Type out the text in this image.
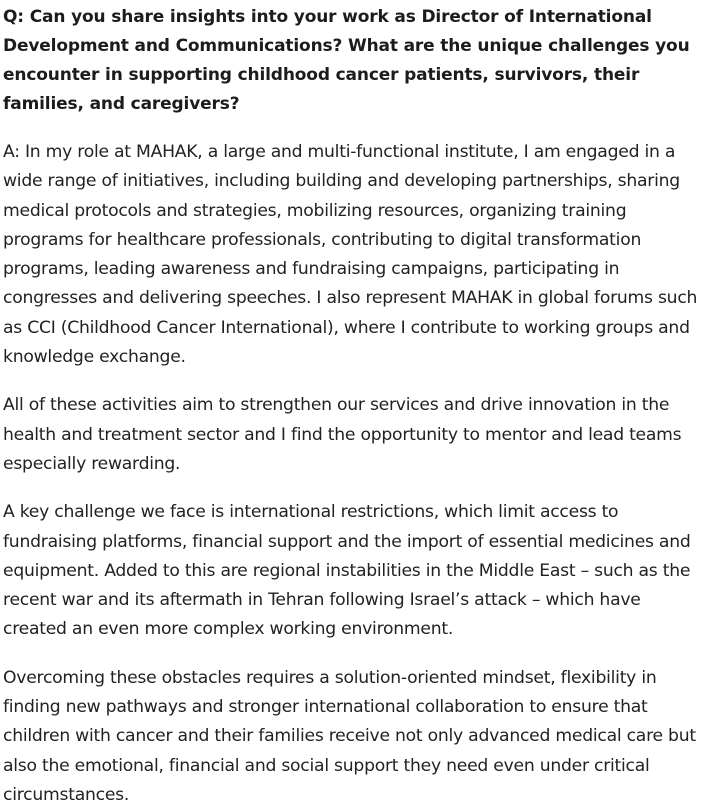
Q: Can you share insights into your work as Director of International Development and Communications? What are the unique challenges you encounter in supporting childhood cancer patients, survivors, their families, and caregivers?

A: In my role at MAHAK, a large and multi-functional institute, I am engaged in a wide range of initiatives, including building and developing partnerships, sharing medical protocols and strategies, mobilizing resources, organizing training programs for healthcare professionals, contributing to digital transformation programs, leading awareness and fundraising campaigns, participating in congresses and delivering speeches. I also represent MAHAK in global forums such as CCI (Childhood Cancer International), where I contribute to working groups and knowledge exchange.

All of these activities aim to strengthen our services and drive innovation in the health and treatment sector and I find the opportunity to mentor and lead teams especially rewarding.

A key challenge we face is international restrictions, which limit access to fundraising platforms, financial support and the import of essential medicines and equipment. Added to this are regional instabilities in the Middle East – such as the recent war and its aftermath in Tehran following Israel’s attack – which have created an even more complex working environment.

Overcoming these obstacles requires a solution-oriented mindset, flexibility in finding new pathways and stronger international collaboration to ensure that children with cancer and their families receive not only advanced medical care but also the emotional, financial and social support they need even under critical circumstances.
